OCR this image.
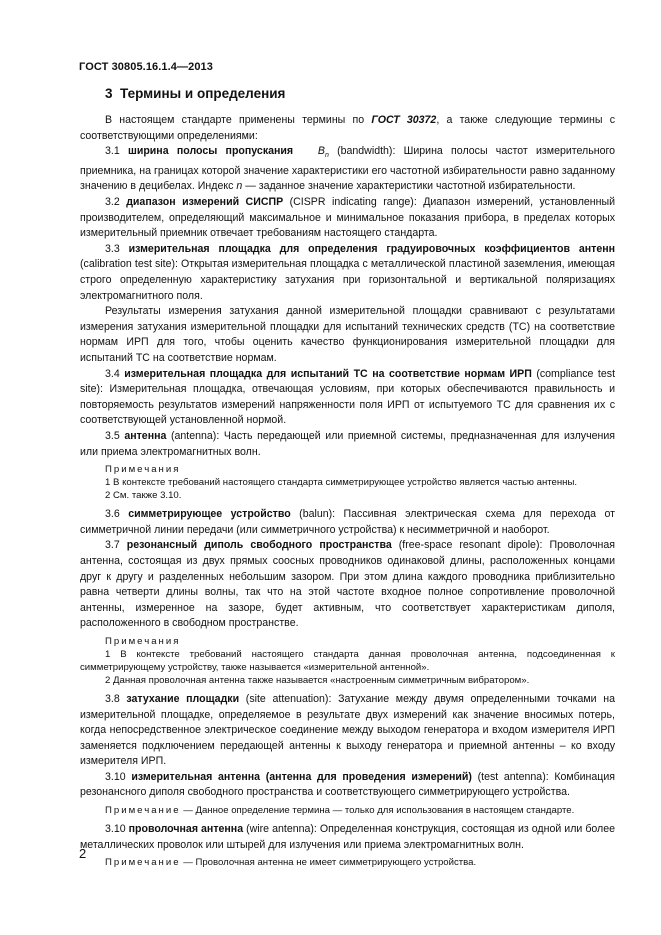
ГОСТ 30805.16.1.4—2013
3 Термины и определения

В настоящем стандарте применены термины по ГОСТ 30372, а также следующие термины с соответствующими определениями:

3.1 ширина полосы пропускания $B_n$ (bandwidth): Ширина полосы частот измерительного приемника, на границах которой значение характеристики его частотной избирательности равно заданному значению в децибелах. Индекс n — заданное значение характеристики частотной избирательности.

3.2 диапазон измерений СИСПР (CISPR indicating range): Диапазон измерений, установленный производителем, определяющий максимальное и минимальное показания прибора, в пределах которых измерительный приемник отвечает требованиям настоящего стандарта.

3.3 измерительная площадка для определения градуировочных коэффициентов антенн (calibration test site): Открытая измерительная площадка с металлической пластиной заземления, имеющая строго определенную характеристику затухания при горизонтальной и вертикальной поляризациях электромагнитного поля.

Результаты измерения затухания данной измерительной площадки сравнивают с результатами измерения затухания измерительной площадки для испытаний технических средств (ТС) на соответствие нормам ИРП для того, чтобы оценить качество функционирования измерительной площадки для испытаний ТС на соответствие нормам.

3.4 измерительная площадка для испытаний ТС на соответствие нормам ИРП (compliance test site): Измерительная площадка, отвечающая условиям, при которых обеспечиваются правильность и повторяемость результатов измерений напряженности поля ИРП от испытуемого ТС для сравнения их с соответствующей установленной нормой.

3.5 антенна (antenna): Часть передающей или приемной системы, предназначенная для излучения или приема электромагнитных волн.

Примечания

1 В контексте требований настоящего стандарта симметрирующее устройство является частью антенны.

2 См. также 3.10.

3.6 симметрирующее устройство (balun): Пассивная электрическая схема для перехода от симметричной линии передачи (или симметричного устройства) к несимметричной и наоборот.

3.7 резонансный диполь свободного пространства (free-space resonant dipole): Проволочная антенна, состоящая из двух прямых соосных проводников одинаковой длины, расположенных концами друг к другу и разделенных небольшим зазором. При этом длина каждого проводника приблизительно равна четверти длины волны, так что на этой частоте входное полное сопротивление проволочной антенны, измеренное на зазоре, будет активным, что соответствует характеристикам диполя, расположенного в свободном пространстве.

Примечания

1 В контексте требований настоящего стандарта данная проволочная антенна, подсоединенная к симметрирующему устройству, также называется «измерительной антенной».

2 Данная проволочная антенна также называется «настроенным симметричным вибратором».

3.8 затухание площадки (site attenuation): Затухание между двумя определенными точками на измерительной площадке, определяемое в результате двух измерений как значение вносимых потерь, когда непосредственное электрическое соединение между выходом генератора и входом измерителя ИРП заменяется подключением передающей антенны к выходу генератора и приемной антенны – ко входу измерителя ИРП.

3.10 измерительная антенна (антенна для проведения измерений) (test antenna): Комбинация резонансного диполя свободного пространства и соответствующего симметрирующего устройства.

Примечание — Данное определение термина — только для использования в настоящем стандарте.

3.10 проволочная антенна (wire antenna): Определенная конструкция, состоящая из одной или более металлических проволок или штырей для излучения или приема электромагнитных волн.

Примечание — Проволочная антенна не имеет симметрирующего устройства.

2
